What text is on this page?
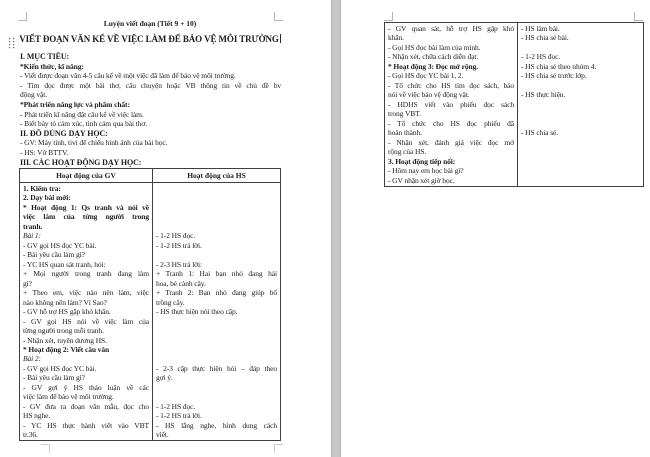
Luyện viết đoạn (Tiết 9 + 10)
VIẾT ĐOẠN VĂN KỂ VỀ VIỆC LÀM ĐỂ BẢO VỆ MÔI TRƯỜNG
I. MỤC TIÊU:
*Kiến thức, kĩ năng:
- Viết được đoạn văn 4-5 câu kể về một việc đã làm để bảo vệ môi trường.
- Tìm đọc được một bài thơ, câu chuyện hoặc VB thông tin về chủ đề bv
động vật.
*Phát triển năng lực và phẩm chất:
- Phát triển kĩ năng đặt câu kể về việc làm.
- Biết bày tỏ cảm xúc, tình cảm qua bài thơ.
II. ĐỒ DÙNG DẠY HỌC:
- GV: Máy tính, tivi để chiếu hình ảnh của bài học.
- HS: Vở BTTV.
III. CÁC HOẠT ĐỘNG DẠY HỌC:
Hoạt động của GV	Hoạt động của HS
1. Kiểm tra:
2. Dạy bài mới:
* Hoạt động 1: Qs tranh và nói về
việc làm của từng người trong
tranh.
Bài 1:
- GV gọi HS đọc YC bài.
- Bài yêu cầu làm gì?
- YC HS quan sát tranh, hỏi:
+ Mọi người trong tranh đang làm
gì?
+ Theo em, việc nào nên làm, việc
nào không nên làm? Vì Sao?
- GV hỗ trợ HS gặp khó khăn.
- GV gọi HS nói về việc làm của
từng người trong mỗi tranh.
- Nhận xét, tuyên dương HS.
* Hoạt động 2: Viết câu văn
Bài 2:
- GV gọi HS đọc YC bài.
- Bài yêu cầu làm gì?
- GV gợi ý HS thảo luận về các
việc làm để bảo vệ môi trường.
- GV đưa ra đoạn văn mẫu, đọc cho
HS nghe.
- YC HS thực hành viết vào VBT
tr.36.

- 1-2 HS đọc.
- 1-2 HS trả lời.

- 2-3 HS trả lời:
+ Tranh 1: Hai bạn nhỏ đang hái
hoa, bẻ cành cây.
+ Tranh 2: Bạn nhỏ đang giúp bố
trồng cây.
- HS thực hiện nói theo cặp.

- 2-3 cặp thực hiện hỏi – đáp theo
gợi ý.

- 1-2 HS đọc.
- 1-2 HS trả lời.
- HS lắng nghe, hình dung cách
viết.
- GV quan sát, hỗ trợ HS gặp khó
khăn.
- Gọi HS đọc bài làm của mình.
- Nhận xét, chữa cách diễn đạt.
* Hoạt động 3: Đọc mở rộng.
- Gọi HS đọc YC bài 1, 2.
- Tổ chức cho HS tìm đọc sách, báo
nói về việc bảo vệ động vật.
- HDHS viết vào phiếu đọc sách
trong VBT.
- Tổ chức cho HS đọc phiếu đã
hoàn thành.
- Nhận xét, đánh giá việc đọc mở
rộng của HS.
3. Hoạt động tiếp nối:
- Hôm nay em học bài gì?
- GV nhận xét giờ học.
- HS làm bài.
- HS chia sẻ bài.

- 1-2 HS đọc.
- HS chia sẻ theo nhóm 4.
- HS chia sẻ trước lớp.

- HS thực hiện.

- HS chia sẻ.
